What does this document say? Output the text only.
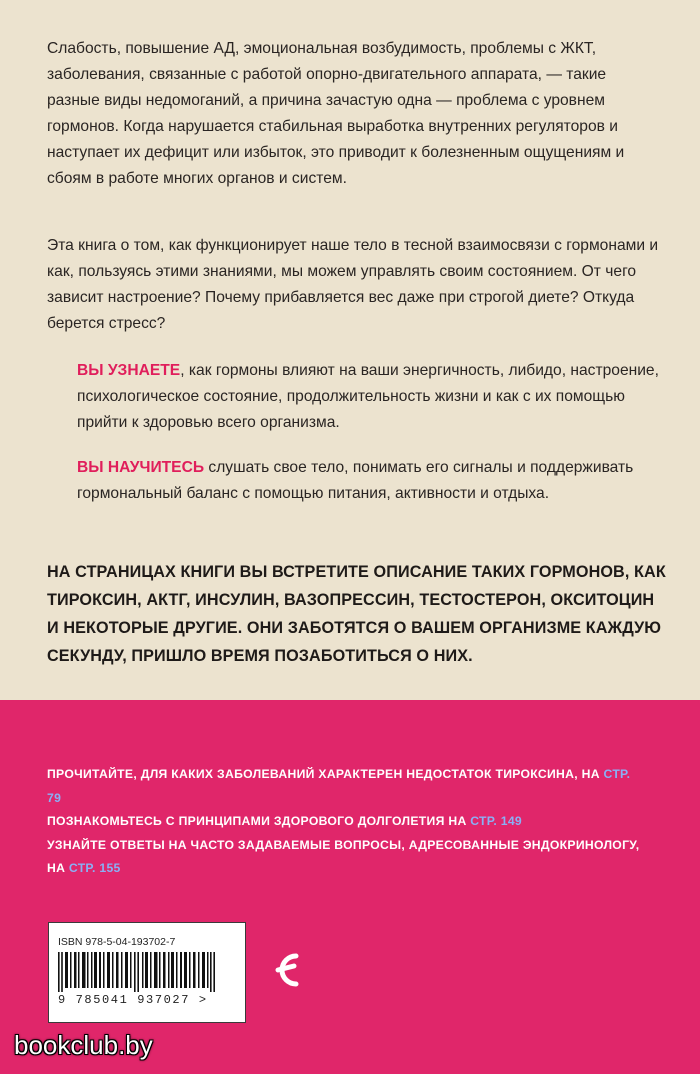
Слабость, повышение АД, эмоциональная возбудимость, проблемы с ЖКТ, заболевания, связанные с работой опорно-двигательного аппарата, — такие разные виды недомоганий, а причина зачастую одна — проблема с уровнем гормонов. Когда нарушается стабильная выработка внутренних регуляторов и наступает их дефицит или избыток, это приводит к болезненным ощущениям и сбоям в работе многих органов и систем.

Эта книга о том, как функционирует наше тело в тесной взаимосвязи с гормонами и как, пользуясь этими знаниями, мы можем управлять своим состоянием. От чего зависит настроение? Почему прибавляется вес даже при строгой диете? Откуда берется стресс?

ВЫ УЗНАЕТЕ, как гормоны влияют на ваши энергичность, либидо, настроение, психологическое состояние, продолжительность жизни и как с их помощью прийти к здоровью всего организма.

ВЫ НАУЧИТЕСЬ слушать свое тело, понимать его сигналы и поддерживать гормональный баланс с помощью питания, активности и отдыха.

НА СТРАНИЦАХ КНИГИ ВЫ ВСТРЕТИТЕ ОПИСАНИЕ ТАКИХ ГОРМОНОВ, КАК ТИРОКСИН, АКТГ, ИНСУЛИН, ВАЗОПРЕССИН, ТЕСТОСТЕРОН, ОКСИТОЦИН И НЕКОТОРЫЕ ДРУГИЕ. ОНИ ЗАБОТЯТСЯ О ВАШЕМ ОРГАНИЗМЕ КАЖДУЮ СЕКУНДУ, ПРИШЛО ВРЕМЯ ПОЗАБОТИТЬСЯ О НИХ.

ПРОЧИТАЙТЕ, ДЛЯ КАКИХ ЗАБОЛЕВАНИЙ ХАРАКТЕРЕН НЕДОСТАТОК ТИРОКСИНА, НА СТР. 79
ПОЗНАКОМЬТЕСЬ С ПРИНЦИПАМИ ЗДОРОВОГО ДОЛГОЛЕТИЯ НА СТР. 149
УЗНАЙТЕ ОТВЕТЫ НА ЧАСТО ЗАДАВАЕМЫЕ ВОПРОСЫ, АДРЕСОВАННЫЕ ЭНДОКРИНОЛОГУ, НА СТР. 155
ISBN 978-5-04-193702-7
9 785041 937027 >
bookclub.by
